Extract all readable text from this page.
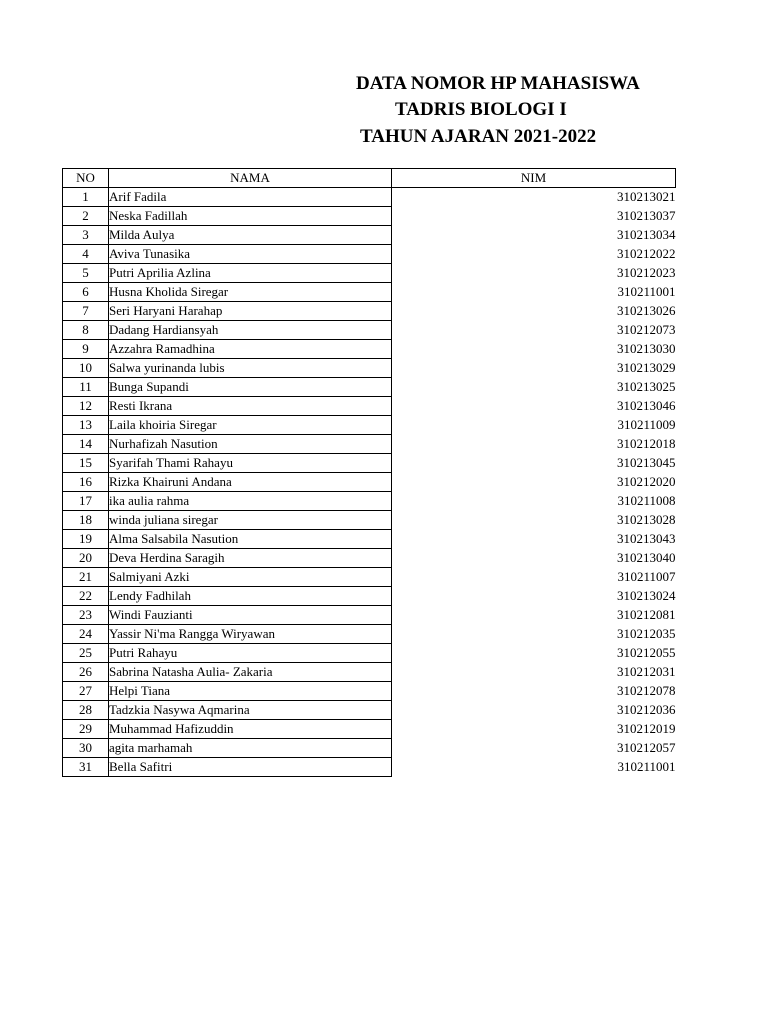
DATA NOMOR HP MAHASISWA
TADRIS BIOLOGI I
TAHUN AJARAN 2021-2022
NO	NAMA	NIM
1	Arif Fadila	310213021
2	Neska Fadillah	310213037
3	Milda Aulya	310213034
4	Aviva Tunasika	310212022
5	Putri Aprilia Azlina	310212023
6	Husna Kholida Siregar	310211001
7	Seri Haryani Harahap	310213026
8	Dadang Hardiansyah	310212073
9	Azzahra Ramadhina	310213030
10	Salwa yurinanda lubis	310213029
11	Bunga Supandi	310213025
12	Resti Ikrana	310213046
13	Laila khoiria Siregar	310211009
14	Nurhafizah Nasution	310212018
15	Syarifah Thami Rahayu	310213045
16	Rizka Khairuni Andana	310212020
17	ika aulia rahma	310211008
18	winda juliana siregar	310213028
19	Alma Salsabila Nasution	310213043
20	Deva Herdina Saragih	310213040
21	Salmiyani Azki	310211007
22	Lendy Fadhilah	310213024
23	Windi Fauzianti	310212081
24	Yassir Ni'ma Rangga Wiryawan	310212035
25	Putri Rahayu	310212055
26	Sabrina Natasha Aulia- Zakaria	310212031
27	Helpi Tiana	310212078
28	Tadzkia Nasywa Aqmarina	310212036
29	Muhammad Hafizuddin	310212019
30	agita marhamah	310212057
31	Bella Safitri	310211001
